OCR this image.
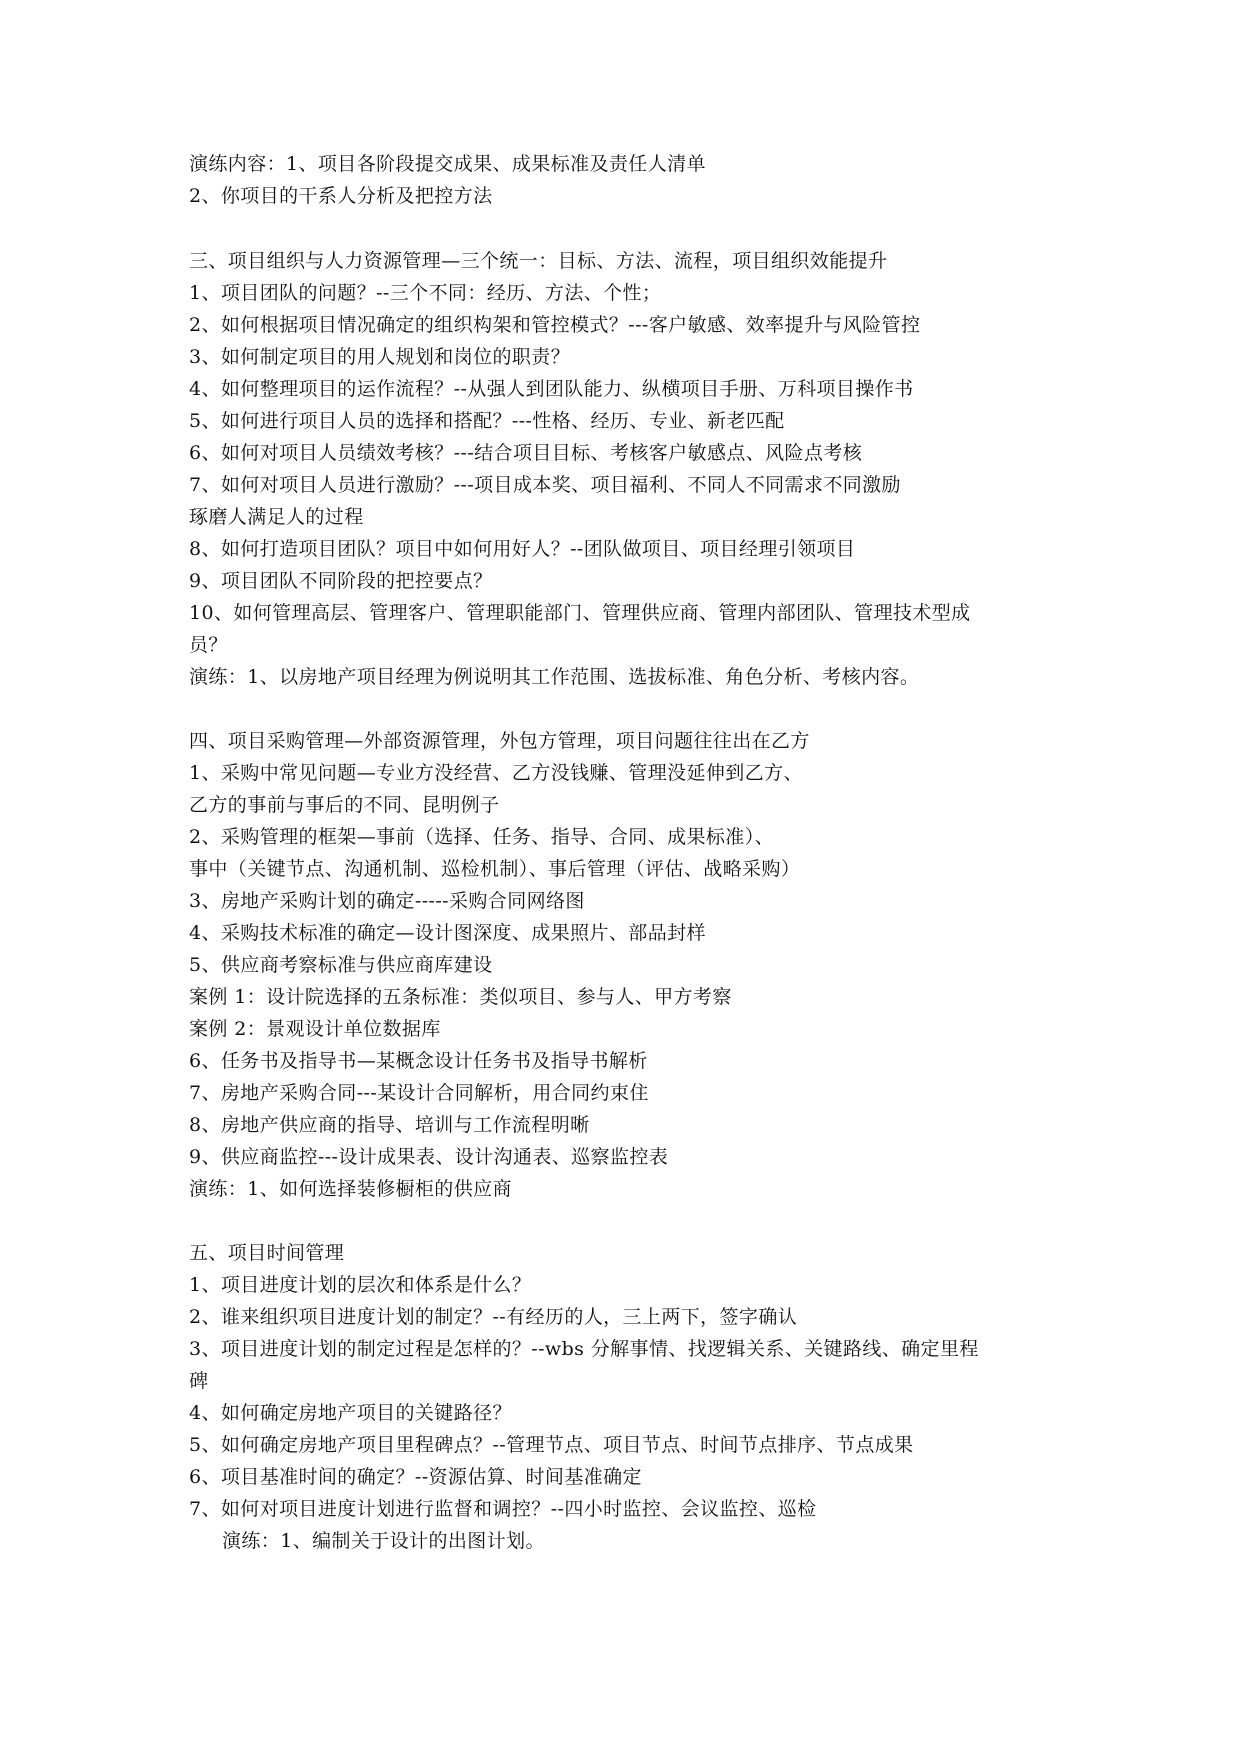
演练内容：1、项目各阶段提交成果、成果标准及责任人清单
2、你项目的干系人分析及把控方法
三、项目组织与人力资源管理—三个统一：目标、方法、流程，项目组织效能提升
1、项目团队的问题？--三个不同：经历、方法、个性；
2、如何根据项目情况确定的组织构架和管控模式？---客户敏感、效率提升与风险管控
3、如何制定项目的用人规划和岗位的职责？
4、如何整理项目的运作流程？--从强人到团队能力、纵横项目手册、万科项目操作书
5、如何进行项目人员的选择和搭配？---性格、经历、专业、新老匹配
6、如何对项目人员绩效考核？---结合项目目标、考核客户敏感点、风险点考核
7、如何对项目人员进行激励？---项目成本奖、项目福利、不同人不同需求不同激励
琢磨人满足人的过程
8、如何打造项目团队？项目中如何用好人？--团队做项目、项目经理引领项目
9、项目团队不同阶段的把控要点？
10、如何管理高层、管理客户、管理职能部门、管理供应商、管理内部团队、管理技术型成
员？
演练：1、以房地产项目经理为例说明其工作范围、选拔标准、角色分析、考核内容。
四、项目采购管理—外部资源管理，外包方管理，项目问题往往出在乙方
1、采购中常见问题—专业方没经营、乙方没钱赚、管理没延伸到乙方、
乙方的事前与事后的不同、昆明例子
2、采购管理的框架—事前（选择、任务、指导、合同、成果标准）、
事中（关键节点、沟通机制、巡检机制）、事后管理（评估、战略采购）
3、房地产采购计划的确定-----采购合同网络图
4、采购技术标准的确定—设计图深度、成果照片、部品封样
5、供应商考察标准与供应商库建设
案例 1：设计院选择的五条标准：类似项目、参与人、甲方考察
案例 2：景观设计单位数据库
6、任务书及指导书—某概念设计任务书及指导书解析
7、房地产采购合同---某设计合同解析，用合同约束住
8、房地产供应商的指导、培训与工作流程明晰
9、供应商监控---设计成果表、设计沟通表、巡察监控表
演练：1、如何选择装修橱柜的供应商
五、项目时间管理
1、项目进度计划的层次和体系是什么？
2、谁来组织项目进度计划的制定？--有经历的人，三上两下，签字确认
3、项目进度计划的制定过程是怎样的？--wbs 分解事情、找逻辑关系、关键路线、确定里程
碑
4、如何确定房地产项目的关键路径？
5、如何确定房地产项目里程碑点？--管理节点、项目节点、时间节点排序、节点成果
6、项目基准时间的确定？--资源估算、时间基准确定
7、如何对项目进度计划进行监督和调控？--四小时监控、会议监控、巡检
演练：1、编制关于设计的出图计划。
